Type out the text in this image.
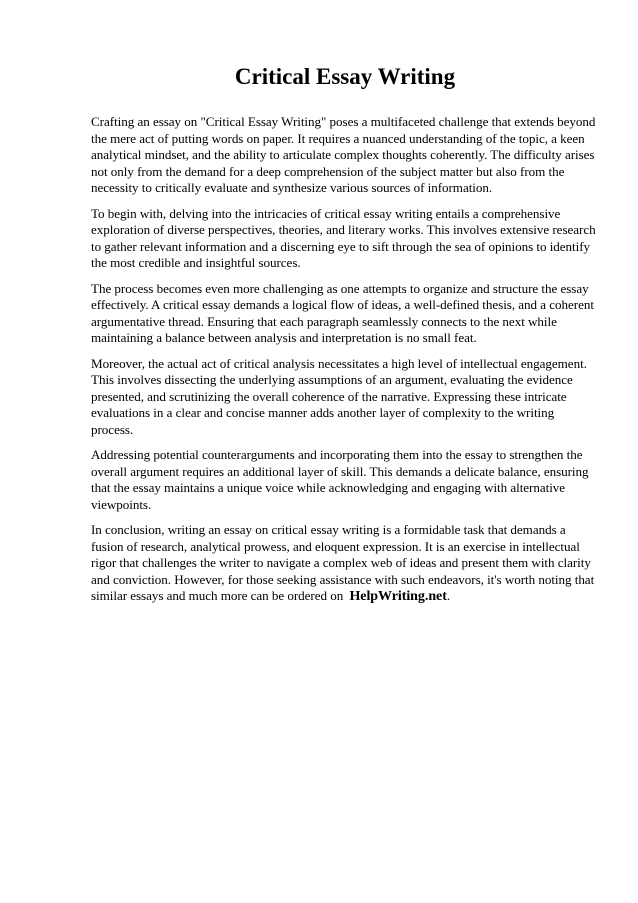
Critical Essay Writing

Crafting an essay on "Critical Essay Writing" poses a multifaceted challenge that extends beyond the mere act of putting words on paper. It requires a nuanced understanding of the topic, a keen analytical mindset, and the ability to articulate complex thoughts coherently. The difficulty arises not only from the demand for a deep comprehension of the subject matter but also from the necessity to critically evaluate and synthesize various sources of information.

To begin with, delving into the intricacies of critical essay writing entails a comprehensive exploration of diverse perspectives, theories, and literary works. This involves extensive research to gather relevant information and a discerning eye to sift through the sea of opinions to identify the most credible and insightful sources.

The process becomes even more challenging as one attempts to organize and structure the essay effectively. A critical essay demands a logical flow of ideas, a well-defined thesis, and a coherent argumentative thread. Ensuring that each paragraph seamlessly connects to the next while maintaining a balance between analysis and interpretation is no small feat.

Moreover, the actual act of critical analysis necessitates a high level of intellectual engagement. This involves dissecting the underlying assumptions of an argument, evaluating the evidence presented, and scrutinizing the overall coherence of the narrative. Expressing these intricate evaluations in a clear and concise manner adds another layer of complexity to the writing process.

Addressing potential counterarguments and incorporating them into the essay to strengthen the overall argument requires an additional layer of skill. This demands a delicate balance, ensuring that the essay maintains a unique voice while acknowledging and engaging with alternative viewpoints.

In conclusion, writing an essay on critical essay writing is a formidable task that demands a fusion of research, analytical prowess, and eloquent expression. It is an exercise in intellectual rigor that challenges the writer to navigate a complex web of ideas and present them with clarity and conviction. However, for those seeking assistance with such endeavors, it's worth noting that similar essays and much more can be ordered on HelpWriting.net.
